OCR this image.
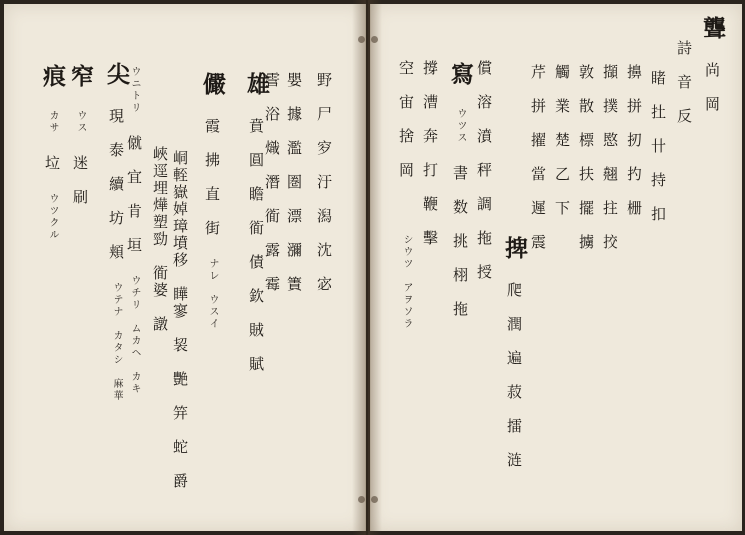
痕 カサ 垃 ウツクル
窄 ウス 迷　刷
尖 現　泰　續　坊　頬 ウテナ　カタシ　麻華
ウニトリ 僦　宜　肯　垣 ウチリ　ムカヘ　カキ
峽逕埋燁塑勁　衜婆　譈 峒輊嶽婥璋墳移　瞱寥　袃　艷　笄　蛇　爵
儼 霞　拂　直　街 ナレ　ウスイ
雄 賁　圓　瞻　衜　債　欽　賊　賦
霅　浴　熾　潛　衜　露　霉 嬰　據　濫　圏　漂　瀰　簀 野　尸　穸　汙　潟　沈　宓	空　宙　捨　岡　　 シウツ　アヲソラ
撐　漕　奔　打　鞭　擊 寫 ウツス 書　数　挑　栩　拖 償　溶　濆　秤　調　拖　授 捭 爬　潤　遍　菽　擂　涟
芹　拼　擢　當　遲　震 觸　業　楚　乙　下 敦　散　標　扶　擺　擄 擷　撲　愍　翹　拄　挍 擤　拼　扨　扚　栅 睹　扗　卄　持　扣 詩　音　反
聾 尚　岡
